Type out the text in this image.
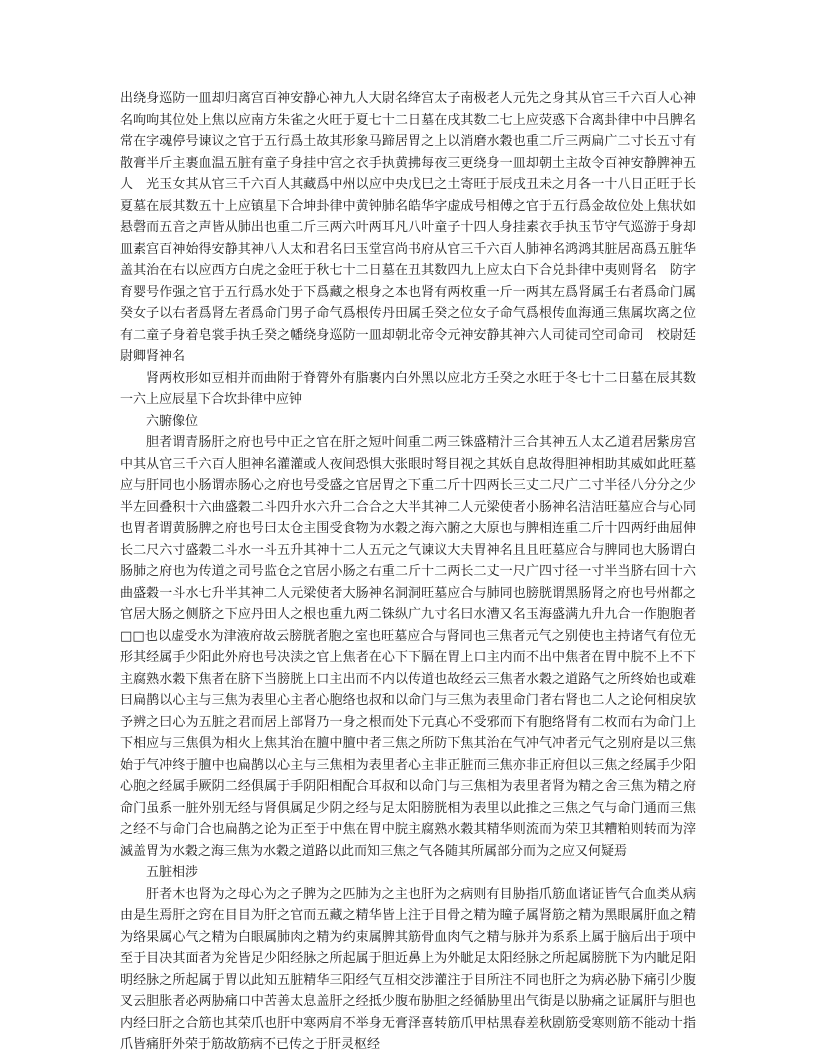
出绕身巡防一皿却归离宫百神安静心神九人大尉名绛宫太子南极老人元先之身其从官三千六百人心神名呴呴其位处上焦以应南方朱雀之火旺于夏七十二日墓在戌其数二七上应荧惑下合离卦律中中吕脾名常在字魂停号谏议之官于五行爲土故其形象马蹄居胃之上以消磨水穀也重二斤三两扁广二寸长五寸有散膏半斤主裹血温五脏有童子身挂中宫之衣手执黄拂每夜三更绕身一皿却朝土主故令百神安静脾神五人　光玉女其从官三千六百人其藏爲中州以应中央戊巳之土寄旺于辰戌丑未之月各一十八日正旺于长夏墓在辰其数五十上应镇星下合坤卦律中黄钟肺名皓华字虚成号相傅之官于五行爲金故位处上焦状如悬磬而五音之声皆从肺出也重二斤三两六叶两耳凡八叶童子十四人身挂素衣手执玉节守气巡游于身却皿素宫百神始得安静其神八人太和君名曰玉堂宫尚书府从官三千六百人肺神名鸿鸿其脏居髙爲五脏华盖其治在右以应西方白虎之金旺于秋七十二日墓在丑其数四九上应太白下合兑卦律中夷则肾名　防字育婴号作强之官于五行爲水处于下爲藏之根身之本也肾有两枚重一斤一两其左爲肾属壬右者爲命门属癸女子以右者爲肾左者爲命门男子命气爲根传丹田属壬癸之位女子命气爲根传血海通三焦属坎离之位有二童子身着皂裳手执壬癸之幡绕身巡防一皿却朝北帝令元神安静其神六人司徒司空司命司　校尉廷尉卿肾神名

肾两枚形如豆相并而曲附于脊膂外有脂裹内白外黑以应北方壬癸之水旺于冬七十二日墓在辰其数一六上应辰星下合坎卦律中应钟

六腑像位

胆者谓青肠肝之府也号中正之官在肝之短叶间重二两三铢盛精汁三合其神五人太乙道君居紫房宫中其从官三千六百人胆神名灌灌或人夜间恐惧大张眼时弩目视之其妖自息故得胆神相助其威如此旺墓应与肝同也小肠谓赤肠心之府也号受盛之官居胃之下重二斤十四两长三丈二尺广二寸半径八分分之少半左回叠积十六曲盛穀二斗四升水六升二合合之大半其神二人元梁使者小肠神名洁洁旺墓应合与心同也胃者谓黄肠脾之府也号曰太仓主围受食物为水穀之海六腑之大原也与脾相连重二斤十四两纡曲屈伸长二尺六寸盛穀二斗水一斗五升其神十二人五元之气谏议大夫胃神名且且旺墓应合与脾同也大肠谓白肠肺之府也为传道之司号监仓之官居小肠之右重二斤十二两长二丈一尺广四寸径一寸半当脐右回十六曲盛穀一斗水七升半其神二人元梁使者大肠神名洞洞旺墓应合与肺同也膀胱谓黑肠肾之府也号州都之官居大肠之侧脐之下应丹田人之根也重九两二铢纵广九寸名曰水漕又名玉海盛满九升九合一作胞胞者□□也以虚受水为津液府故云膀胱者胞之室也旺墓应合与肾同也三焦者元气之别使也主持诸气有位无形其经属手少阳此外府也号决渎之官上焦者在心下下膈在胃上口主内而不出中焦者在胃中脘不上不下主腐熟水穀下焦者在脐下当膀胱上口主出而不内以传道也故经云三焦者水穀之道路气之所终始也或难曰扁鹊以心主与三焦为表里心主者心胞络也叔和以命门与三焦为表里命门者右肾也二人之论何相戾欤予辨之曰心为五脏之君而居上部肾乃一身之根而处下元真心不受邪而下有胞络肾有二枚而右为命门上下相应与三焦俱为相火上焦其治在膻中膻中者三焦之所防下焦其治在气冲气冲者元气之别府是以三焦始于气冲终于膻中也扁鹊以心主与三焦相为表里者心主非正脏而三焦亦非正府但以三焦之经属手少阳心胞之经属手厥阴二经俱属于手阴阳相配合耳叔和以命门与三焦相为表里者肾为精之舍三焦为精之府命门虽系一脏外别无经与肾俱属足少阴之经与足太阳膀胱相为表里以此推之三焦之气与命门通而三焦之经不与命门合也扁鹊之论为正至于中焦在胃中脘主腐熟水穀其精华则流而为荣卫其糟粕则转而为滓滅盖胃为水穀之海三焦为水穀之道路以此而知三焦之气各随其所属部分而为之应又何疑焉

五脏相涉

肝者木也肾为之母心为之子脾为之匹肺为之主也肝为之病则有目胁指爪筋血诸证皆气合血类从病由是生焉肝之窍在目目为肝之官而五藏之精华皆上注于目骨之精为瞳子属肾筋之精为黑眼属肝血之精为络果属心气之精为白眼属肺肉之精为约束属脾其筋骨血肉气之精与脉并为系系上属于脑后出于项中至于目决其面者为兊皆足少阳经脉之所起属于胆近鼻上为外眦足太阳经脉之所起属膀胱下为内眦足阳明经脉之所起属于胃以此知五脏精华三阳经气互相交涉灌注于目所注不同也肝之为病必胁下痛引少腹叉云胆胀者必两胁痛口中苦善太息盖肝之经抵少腹布胁胆之经循胁里出气街是以胁痛之证属肝与胆也内经曰肝之合筋也其荣爪也肝中寒两肩不举身无膏泽喜转筋爪甲枯黒春差秋剧筋受寒则筋不能动十指爪皆痛肝外荣于筋故筋病不已传之于肝灵枢经
